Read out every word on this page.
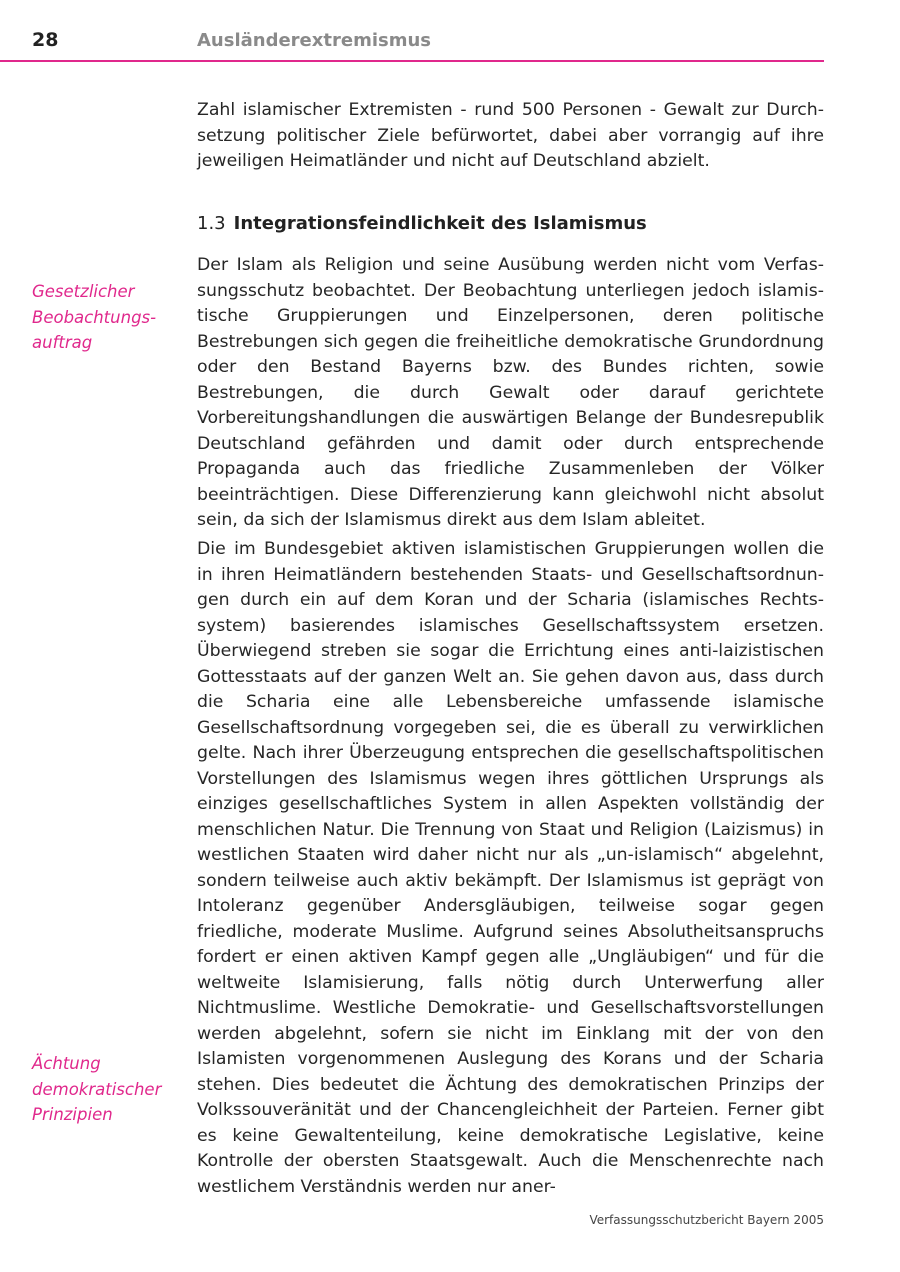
28	Ausländerextremismus

Zahl islamischer Extremisten - rund 500 Personen - Gewalt zur Durchsetzung politischer Ziele befürwortet, dabei aber vorrangig auf ihre jeweiligen Heimatländer und nicht auf Deutschland abzielt.

1.3 Integrationsfeindlichkeit des Islamismus
Gesetzlicher
Beobachtungs-
auftrag

Der Islam als Religion und seine Ausübung werden nicht vom Verfassungsschutz beobachtet. Der Beobachtung unterliegen jedoch islamistische Gruppierungen und Einzelpersonen, deren politische Bestrebungen sich gegen die freiheitliche demokratische Grundordnung oder den Bestand Bayerns bzw. des Bundes richten, sowie Bestrebungen, die durch Gewalt oder darauf gerichtete Vorbereitungshandlungen die auswärtigen Belange der Bundesrepublik Deutschland gefährden und damit oder durch entsprechende Propaganda auch das friedliche Zusammenleben der Völker beeinträchtigen. Diese Differenzierung kann gleichwohl nicht absolut sein, da sich der Islamismus direkt aus dem Islam ableitet.

Die im Bundesgebiet aktiven islamistischen Gruppierungen wollen die in ihren Heimatländern bestehenden Staats- und Gesellschaftsordnungen durch ein auf dem Koran und der Scharia (islamisches Rechtssystem) basierendes islamisches Gesellschaftssystem ersetzen. Überwiegend streben sie sogar die Errichtung eines anti-laizistischen Gottesstaats auf der ganzen Welt an. Sie gehen davon aus, dass durch die Scharia eine alle Lebensbereiche umfassende islamische Gesellschaftsordnung vorgegeben sei, die es überall zu verwirklichen gelte. Nach ihrer Überzeugung entsprechen die gesellschaftspolitischen Vorstellungen des Islamismus wegen ihres göttlichen Ursprungs als einziges gesellschaftliches System in allen Aspekten vollständig der menschlichen Natur. Die Trennung von Staat und Religion (Laizismus) in westlichen Staaten wird daher nicht nur als „un-islamisch“ abgelehnt, sondern teilweise auch aktiv bekämpft. Der Islamismus ist geprägt von Intoleranz gegenüber Andersgläubigen, teilweise sogar gegen friedliche, moderate Muslime. Aufgrund seines Absolutheitsanspruchs fordert er einen aktiven Kampf gegen alle „Ungläubigen“ und für die weltweite Islamisierung, falls nötig durch Unterwerfung aller Nichtmuslime. Westliche Demokratie- und Gesellschaftsvorstellungen werden abgelehnt, sofern sie nicht im Einklang mit der von den Islamisten vorgenommenen Auslegung des Korans und der Scharia stehen. Dies bedeutet die Ächtung des demokratischen Prinzips der Volkssouveränität und der Chancengleichheit der Parteien. Ferner gibt es keine Gewaltenteilung, keine demokratische Legislative, keine Kontrolle der obersten Staatsgewalt. Auch die Menschenrechte nach westlichem Verständnis werden nur aner-

Ächtung
demokratischer
Prinzipien
Verfassungsschutzbericht Bayern 2005
